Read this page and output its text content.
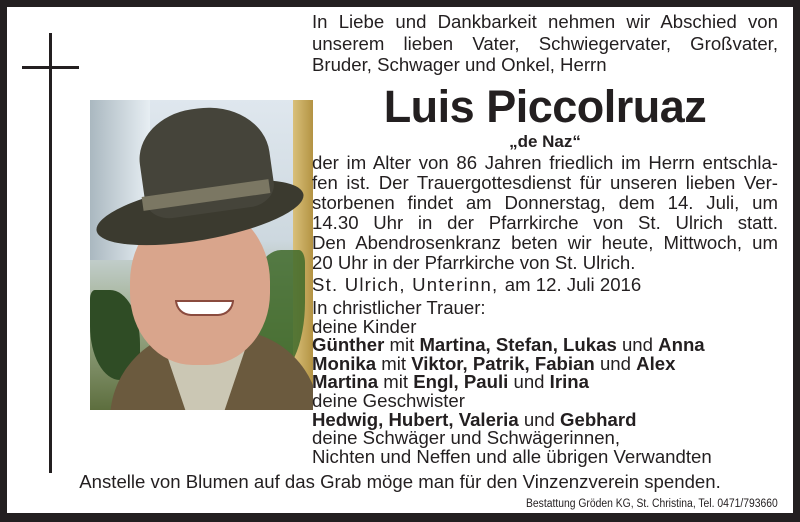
In Liebe und Dankbarkeit nehmen wir Abschied von
unserem lieben Vater, Schwiegervater, Großvater,
Bruder, Schwager und Onkel, Herrn
Luis Piccolruaz
„de Naz“
der im Alter von 86 Jahren friedlich im Herrn entschla-
fen ist. Der Trauergottesdienst für unseren lieben Ver-
storbenen findet am Donnerstag, dem 14. Juli, um
14.30 Uhr in der Pfarrkirche von St. Ulrich statt.
Den Abendrosenkranz beten wir heute, Mittwoch, um
20 Uhr in der Pfarrkirche von St. Ulrich.
St. Ulrich, Unterinn, am 12. Juli 2016
In christlicher Trauer:
deine Kinder
Günther mit Martina, Stefan, Lukas und Anna
Monika mit Viktor, Patrik, Fabian und Alex
Martina mit Engl, Pauli und Irina
deine Geschwister
Hedwig, Hubert, Valeria und Gebhard
deine Schwäger und Schwägerinnen,
Nichten und Neffen und alle übrigen Verwandten
Anstelle von Blumen auf das Grab möge man für den Vinzenzverein spenden.
Bestattung Gröden KG, St. Christina, Tel. 0471/793660
